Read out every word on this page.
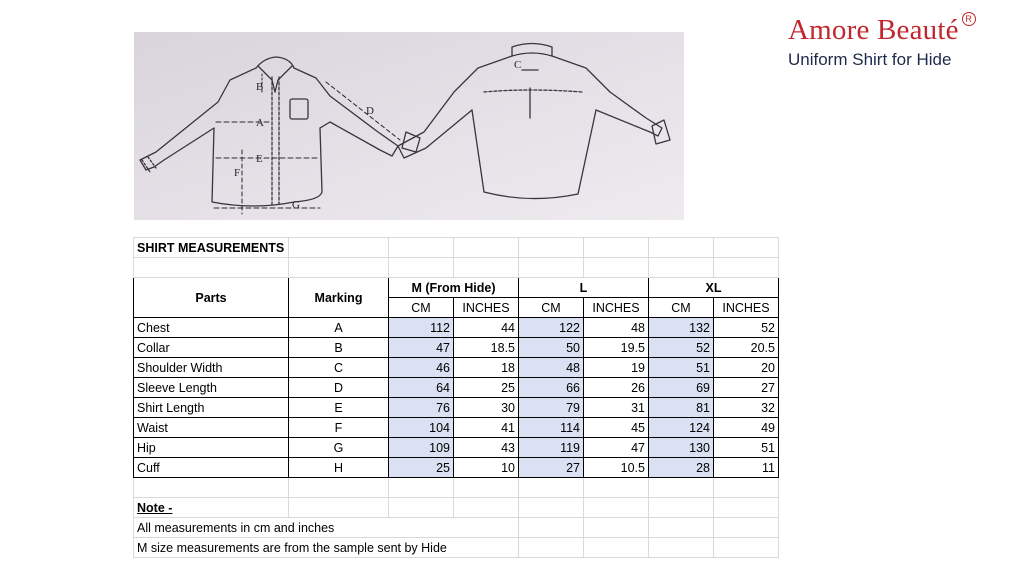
Amore Beauté R
Uniform Shirt for Hide
A
B
C
D
E
F
G
SHIRT MEASUREMENTS							

Parts	Marking	M (From Hide)		L		XL	
		CM	INCHES	CM	INCHES	CM	INCHES
Chest	A	112	44	122	48	132	52
Collar	B	47	18.5	50	19.5	52	20.5
Shoulder Width	C	46	18	48	19	51	20
Sleeve Length	D	64	25	66	26	69	27
Shirt Length	E	76	30	79	31	81	32
Waist	F	104	41	114	45	124	49
Hip	G	109	43	119	47	130	51
Cuff	H	25	10	27	10.5	28	11

Note -							
All measurements in cm and inches							
M size measurements are from the sample sent by Hide							
